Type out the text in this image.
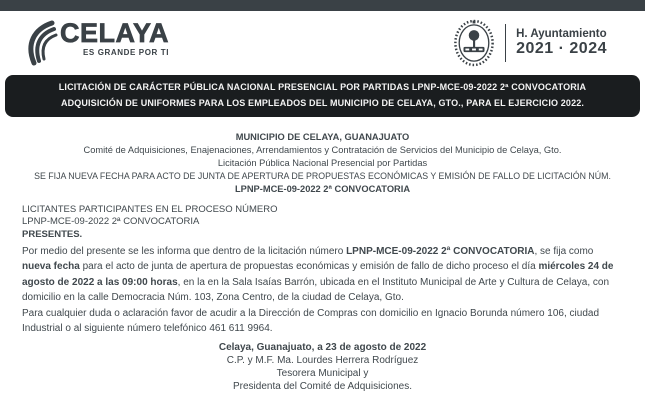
CELAYA
ES GRANDE POR TI
H. Ayuntamiento
2021 · 2024
LICITACIÓN DE CARÁCTER PÚBLICA NACIONAL PRESENCIAL POR PARTIDAS LPNP-MCE-09-2022 2ª CONVOCATORIA ADQUISICIÓN DE UNIFORMES PARA LOS EMPLEADOS DEL MUNICIPIO DE CELAYA, GTO., PARA EL EJERCICIO 2022.
MUNICIPIO DE CELAYA, GUANAJUATO
Comité de Adquisiciones, Enajenaciones, Arrendamientos y Contratación de Servicios del Municipio de Celaya, Gto.
Licitación Pública Nacional Presencial por Partidas
SE FIJA NUEVA FECHA PARA ACTO DE JUNTA DE APERTURA DE PROPUESTAS ECONÓMICAS Y EMISIÓN DE FALLO DE LICITACIÓN NÚM.
LPNP-MCE-09-2022 2ª CONVOCATORIA
LICITANTES PARTICIPANTES EN EL PROCESO NÚMERO
LPNP-MCE-09-2022 2ª CONVOCATORIA
PRESENTES.

Por medio del presente se les informa que dentro de la licitación número LPNP-MCE-09-2022 2ª CONVOCATORIA, se fija como nueva fecha para el acto de junta de apertura de propuestas económicas y emisión de fallo de dicho proceso el día miércoles 24 de agosto de 2022 a las 09:00 horas, en la en la Sala Isaías Barrón, ubicada en el Instituto Municipal de Arte y Cultura de Celaya, con domicilio en la calle Democracia Núm. 103, Zona Centro, de la ciudad de Celaya, Gto.

Para cualquier duda o aclaración favor de acudir a la Dirección de Compras con domicilio en Ignacio Borunda número 106, ciudad Industrial o al siguiente número telefónico 461 611 9964.

Celaya, Guanajuato, a 23 de agosto de 2022
C.P. y M.F. Ma. Lourdes Herrera Rodríguez
Tesorera Municipal y
Presidenta del Comité de Adquisiciones.
